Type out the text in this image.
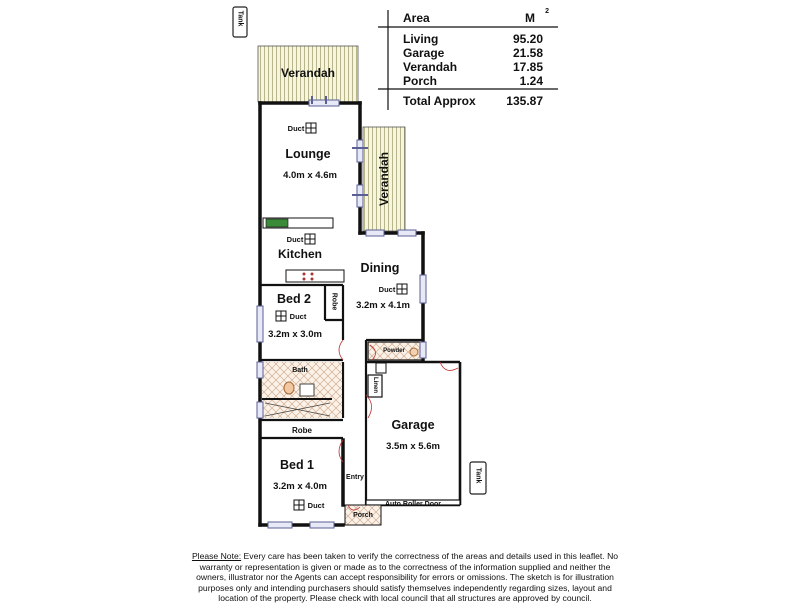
Tank
Tank
Verandah
Verandah
Duct
Lounge
4.0m x 4.6m
Duct
Kitchen
Dining
Duct
3.2m x 4.1m
Bed 2	Robe
Duct
3.2m x 3.0m
Bath
Robe
Bed 1
3.2m x 4.0m
Duct
Entry
Porch
Powder
Linen
Garage
3.5m x 5.6m
Auto Roller Door
Area	M 2
Living	95.20
Garage	21.58
Verandah	17.85
Porch	1.24
Total Approx	135.87
Please Note: Every care has been taken to verify the correctness of the areas and details used in this leaflet. No warranty or representation is given or made as to the correctness of the information supplied and neither the owners, illustrator nor the Agents can accept responsibility for errors or omissions. The sketch is for illustration purposes only and intending purchasers should satisfy themselves independently regarding sizes, layout and location of the property. Please check with local council that all structures are approved by council.
